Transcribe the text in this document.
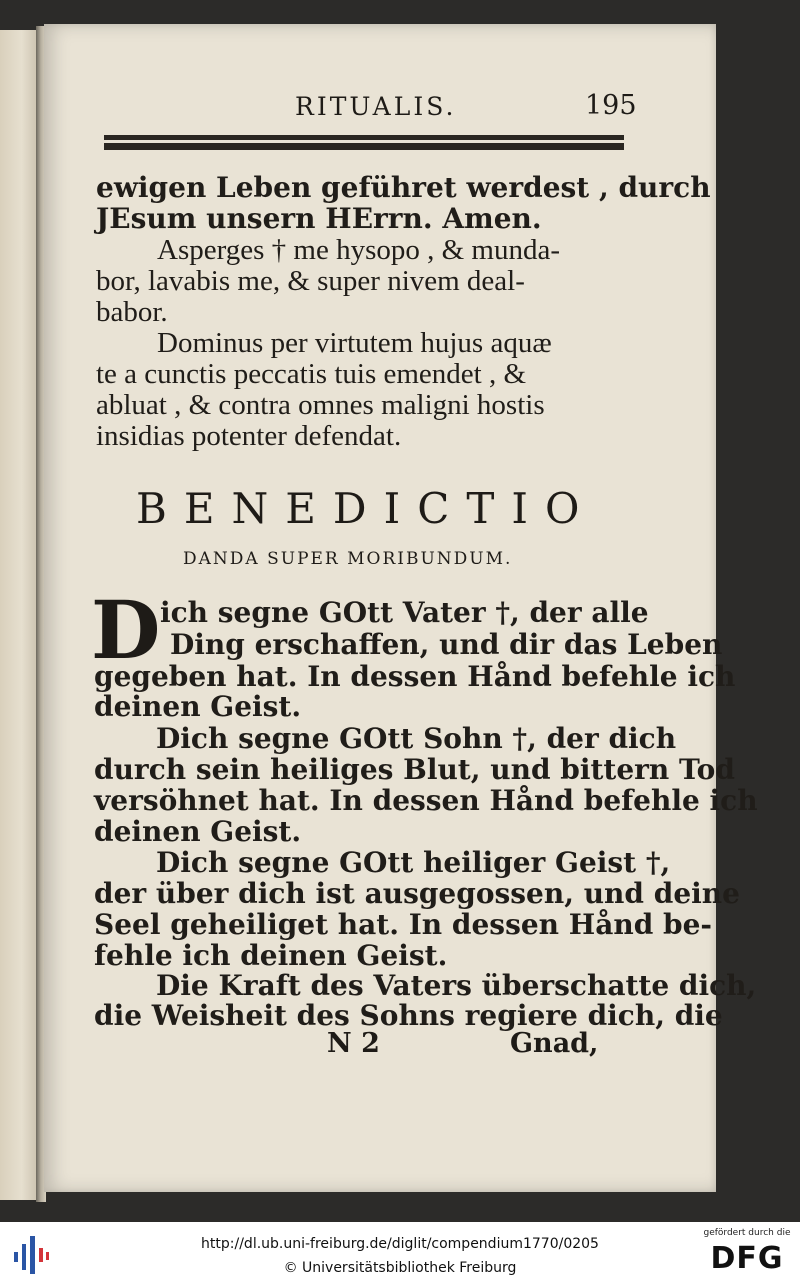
RITUALIS.	195

ewigen Leben geführet werdest , durch

JEsum unsern HErrn. Amen.

Asperges † me hysopo , & munda-

bor, lavabis me, & super nivem deal-

babor.

Dominus per virtutem hujus aquæ

te a cunctis peccatis tuis emendet , &

abluat , & contra omnes maligni hostis

insidias potenter defendat.

BENEDICTIO
DANDA SUPER MORIBUNDUM.
D ich segne GOtt Vater †, der alle

Ding erschaffen, und dir das Leben

gegeben hat. In dessen Hånd befehle ich

deinen Geist.

Dich segne GOtt Sohn †, der dich

durch sein heiliges Blut, und bittern Tod

versöhnet hat. In dessen Hånd befehle ich

deinen Geist.

Dich segne GOtt heiliger Geist †,

der über dich ist ausgegossen, und deine

Seel geheiliget hat. In dessen Hånd be-

fehle ich deinen Geist.

Die Kraft des Vaters überschatte dich,

die Weisheit des Sohns regiere dich, die

N 2	Gnad,
http://dl.ub.uni-freiburg.de/diglit/compendium1770/0205
© Universitätsbibliothek Freiburg
gefördert durch die
DFG
